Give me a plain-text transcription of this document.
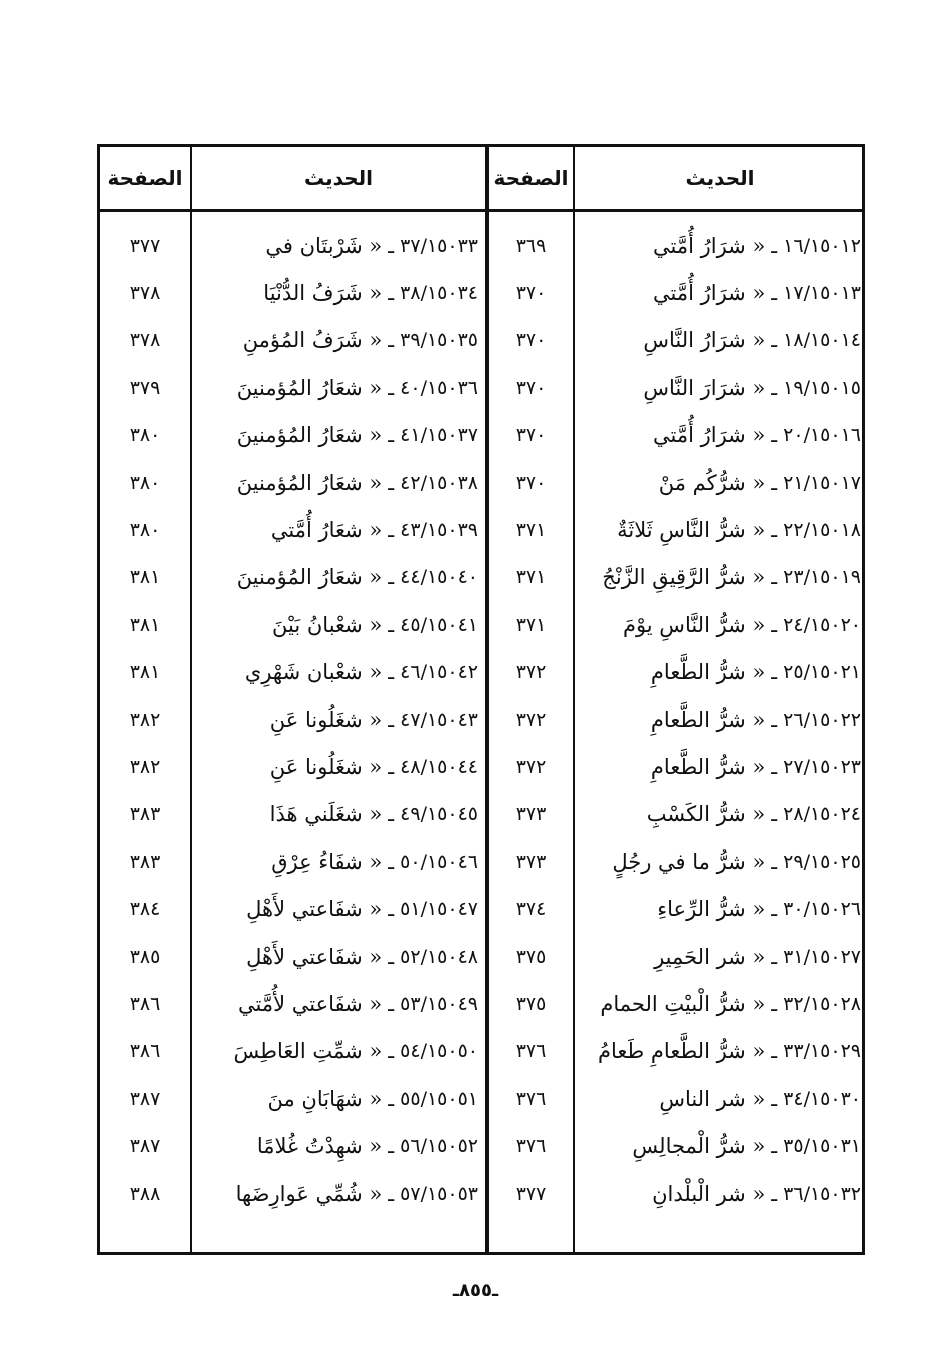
الحديث
الصفحة
الحديث
الصفحة
١٦/١٥٠١٢
ـ
« شرَارُ أُمَّتي
١٧/١٥٠١٣
ـ
« شرَارُ أُمَّتي
١٨/١٥٠١٤
ـ
« شرَارُ النَّاسِ
١٩/١٥٠١٥
ـ
« شرَارَ النَّاسِ
٢٠/١٥٠١٦
ـ
« شرَارُ أُمَّتي
٢١/١٥٠١٧
ـ
« شرُّكُم مَنْ
٢٢/١٥٠١٨
ـ
« شرُّ النَّاسِ ثَلاثَةٌ
٢٣/١٥٠١٩
ـ
« شرُّ الرَّقِيقِ الزَّنْجُ
٢٤/١٥٠٢٠
ـ
« شرُّ النَّاسِ يوْمَ
٢٥/١٥٠٢١
ـ
« شرُّ الطَّعامِ
٢٦/١٥٠٢٢
ـ
« شرُّ الطَّعامِ
٢٧/١٥٠٢٣
ـ
« شرُّ الطَّعامِ
٢٨/١٥٠٢٤
ـ
« شرُّ الكَسْبِ
٢٩/١٥٠٢٥
ـ
« شرُّ ما في رجُلٍ
٣٠/١٥٠٢٦
ـ
« شرُّ الرِّعاءِ
٣١/١٥٠٢٧
ـ
« شر الحَمِيرِ
٣٢/١٥٠٢٨
ـ
« شرُّ الْبيْتِ الحمام
٣٣/١٥٠٢٩
ـ
« شرُّ الطَّعامِ طَعامُ
٣٤/١٥٠٣٠
ـ
« شر الناسِ
٣٥/١٥٠٣١
ـ
« شرُّ الْمجالِسِ
٣٦/١٥٠٣٢
ـ
« شر الْبلْدانِ
٣٦٩
٣٧٠
٣٧٠
٣٧٠
٣٧٠
٣٧٠
٣٧١
٣٧١
٣٧١
٣٧٢
٣٧٢
٣٧٢
٣٧٣
٣٧٣
٣٧٤
٣٧٥
٣٧٥
٣٧٦
٣٧٦
٣٧٦
٣٧٧
٣٧/١٥٠٣٣
ـ
« شَرْبتَان في
٣٨/١٥٠٣٤
ـ
« شَرَفُ الدُّنْيَا
٣٩/١٥٠٣٥
ـ
« شَرَفُ المُؤمنِ
٤٠/١٥٠٣٦
ـ
« شعَارُ المُؤمنينَ
٤١/١٥٠٣٧
ـ
« شعَارُ المُؤمنينَ
٤٢/١٥٠٣٨
ـ
« شعَارُ المُؤمنينَ
٤٣/١٥٠٣٩
ـ
« شعَارُ أُمَّتي
٤٤/١٥٠٤٠
ـ
« شعَارُ المُؤمنينَ
٤٥/١٥٠٤١
ـ
« شعْبانُ بَيْنَ
٤٦/١٥٠٤٢
ـ
« شعْبان شَهْرِي
٤٧/١٥٠٤٣
ـ
« شغَلُونا عَنِ
٤٨/١٥٠٤٤
ـ
« شغَلُونا عَنِ
٤٩/١٥٠٤٥
ـ
« شغَلَني هَذَا
٥٠/١٥٠٤٦
ـ
« شفَاءُ عِرْقِ
٥١/١٥٠٤٧
ـ
« شفَاعتي لأَهْلِ
٥٢/١٥٠٤٨
ـ
« شفَاعتي لأَهْلِ
٥٣/١٥٠٤٩
ـ
« شفَاعتي لأُمَّتي
٥٤/١٥٠٥٠
ـ
« شمِّتِ العَاطِسَ
٥٥/١٥٠٥١
ـ
« شهَابَانِ منَ
٥٦/١٥٠٥٢
ـ
« شهِدْتُ غُلامًا
٥٧/١٥٠٥٣
ـ
« شُمِّي عَوارِضَها
٣٧٧
٣٧٨
٣٧٨
٣٧٩
٣٨٠
٣٨٠
٣٨٠
٣٨١
٣٨١
٣٨١
٣٨٢
٣٨٢
٣٨٣
٣٨٣
٣٨٤
٣٨٥
٣٨٦
٣٨٦
٣٨٧
٣٨٧
٣٨٨
ـ٨٥٥ـ
